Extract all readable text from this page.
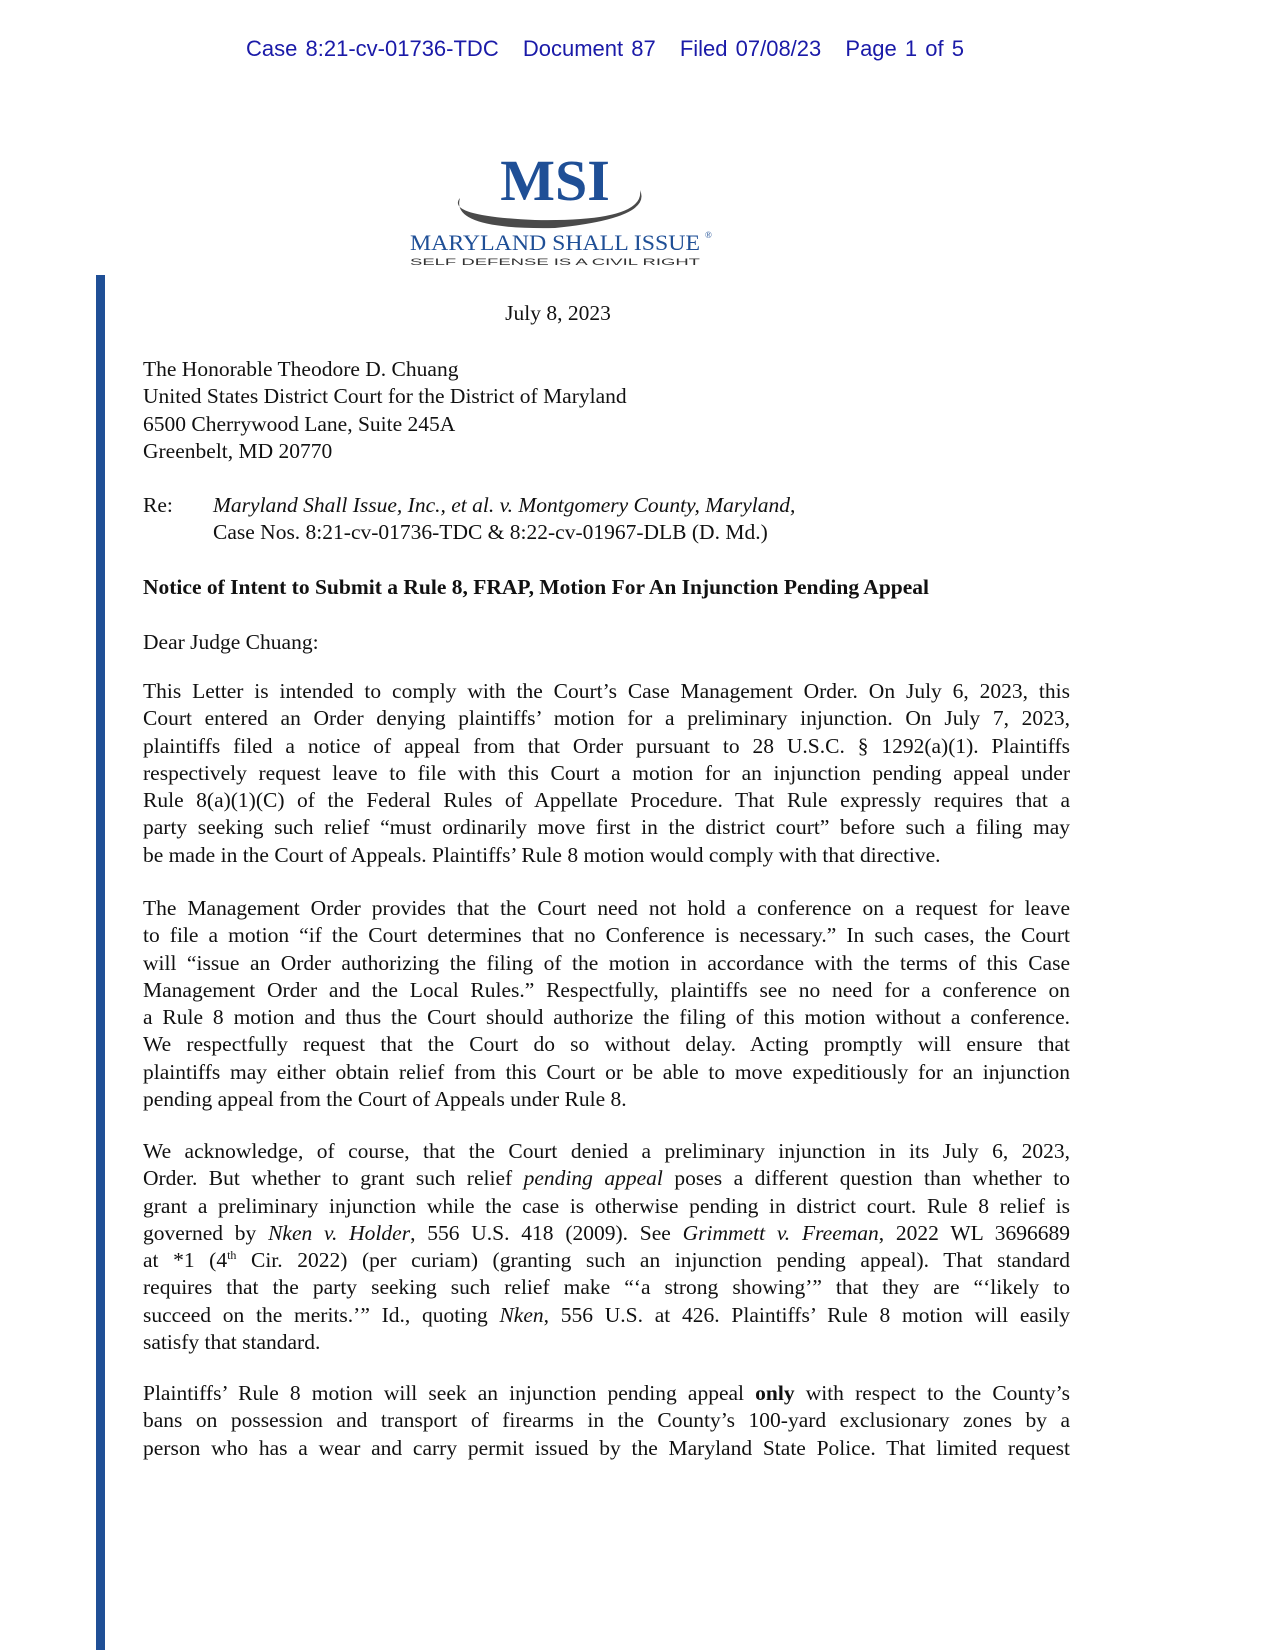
Case 8:21-cv-01736-TDC Document 87 Filed 07/08/23 Page 1 of 5
MSI
MARYLAND SHALL ISSUE ®
SELF DEFENSE IS A CIVIL RIGHT
July 8, 2023
The Honorable Theodore D. Chuang
United States District Court for the District of Maryland
6500 Cherrywood Lane, Suite 245A
Greenbelt, MD 20770
Re: Maryland Shall Issue, Inc., et al. v. Montgomery County, Maryland,
Case Nos. 8:21-cv-01736-TDC & 8:22-cv-01967-DLB (D. Md.)
Notice of Intent to Submit a Rule 8, FRAP, Motion For An Injunction Pending Appeal
Dear Judge Chuang:
This Letter is intended to comply with the Court’s Case Management Order. On July 6, 2023, this
Court entered an Order denying plaintiffs’ motion for a preliminary injunction. On July 7, 2023,
plaintiffs filed a notice of appeal from that Order pursuant to 28 U.S.C. § 1292(a)(1). Plaintiffs
respectively request leave to file with this Court a motion for an injunction pending appeal under
Rule 8(a)(1)(C) of the Federal Rules of Appellate Procedure. That Rule expressly requires that a
party seeking such relief “must ordinarily move first in the district court” before such a filing may
be made in the Court of Appeals. Plaintiffs’ Rule 8 motion would comply with that directive.
The Management Order provides that the Court need not hold a conference on a request for leave
to file a motion “if the Court determines that no Conference is necessary.” In such cases, the Court
will “issue an Order authorizing the filing of the motion in accordance with the terms of this Case
Management Order and the Local Rules.” Respectfully, plaintiffs see no need for a conference on
a Rule 8 motion and thus the Court should authorize the filing of this motion without a conference.
We respectfully request that the Court do so without delay. Acting promptly will ensure that
plaintiffs may either obtain relief from this Court or be able to move expeditiously for an injunction
pending appeal from the Court of Appeals under Rule 8.
We acknowledge, of course, that the Court denied a preliminary injunction in its July 6, 2023,
Order. But whether to grant such relief pending appeal poses a different question than whether to
grant a preliminary injunction while the case is otherwise pending in district court. Rule 8 relief is
governed by Nken v. Holder, 556 U.S. 418 (2009). See Grimmett v. Freeman, 2022 WL 3696689
at *1 (4th Cir. 2022) (per curiam) (granting such an injunction pending appeal). That standard
requires that the party seeking such relief make “‘a strong showing’” that they are “‘likely to
succeed on the merits.’” Id., quoting Nken, 556 U.S. at 426. Plaintiffs’ Rule 8 motion will easily
satisfy that standard.
Plaintiffs’ Rule 8 motion will seek an injunction pending appeal only with respect to the County’s
bans on possession and transport of firearms in the County’s 100-yard exclusionary zones by a
person who has a wear and carry permit issued by the Maryland State Police. That limited request
